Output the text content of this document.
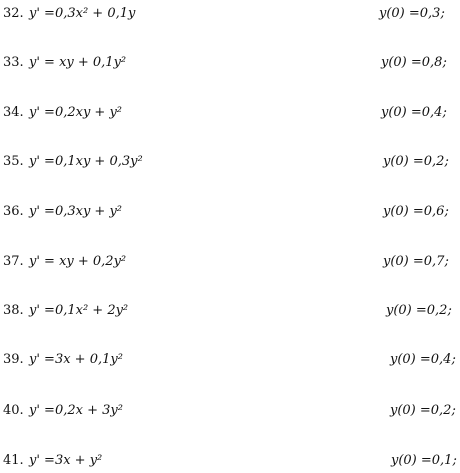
32. y' =0,3x² + 0,1y	y(0) =0,3;
33. y' = xy + 0,1y²	y(0) =0,8;
34. y' =0,2xy + y²	y(0) =0,4;
35. y' =0,1xy + 0,3y²	y(0) =0,2;
36. y' =0,3xy + y²	y(0) =0,6;
37. y' = xy + 0,2y²	y(0) =0,7;
38. y' =0,1x² + 2y²	y(0) =0,2;
39. y' =3x + 0,1y²	y(0) =0,4;
40. y' =0,2x + 3y²	y(0) =0,2;
41. y' =3x + y²	y(0) =0,1;
